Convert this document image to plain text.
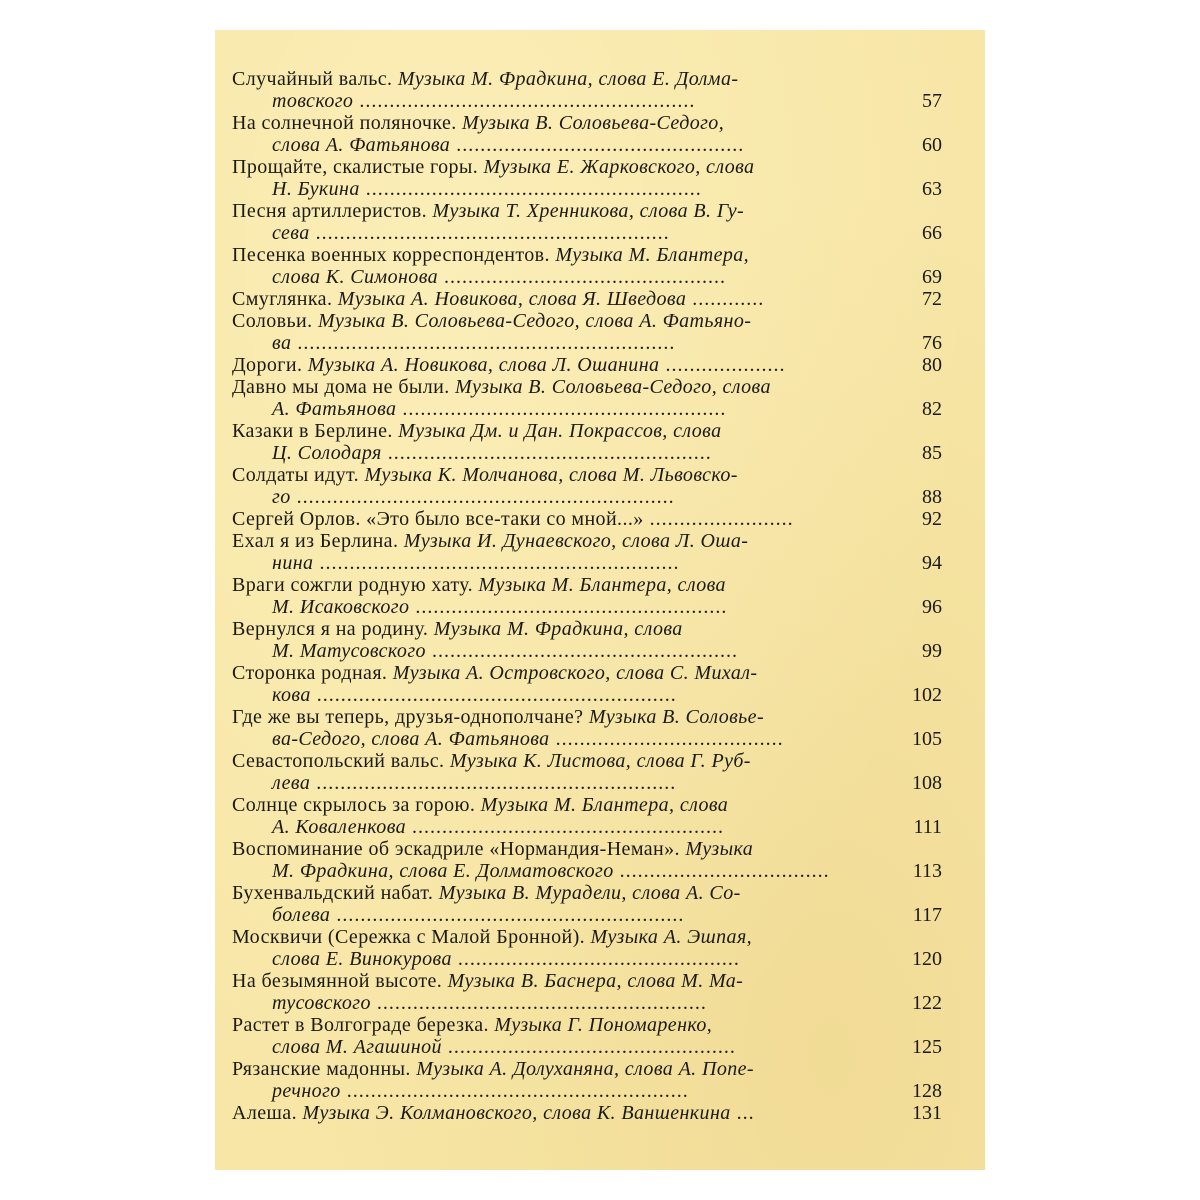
Случайный вальс. Музыка М. Фрадкина, слова Е. Долма-
товского ........................................................	57
На солнечной поляночке. Музыка В. Соловьева-Седого,
слова А. Фатьянова ................................................	60
Прощайте, скалистые горы. Музыка Е. Жарковского, слова
Н. Букина ........................................................	63
Песня артиллеристов. Музыка Т. Хренникова, слова В. Гу-
сева ...........................................................	66
Песенка военных корреспондентов. Музыка М. Блантера,
слова К. Симонова ...............................................	69
Смуглянка. Музыка А. Новикова, слова Я. Шведова ............	72
Соловьи. Музыка В. Соловьева-Седого, слова А. Фатьяно-
ва ...............................................................	76
Дороги. Музыка А. Новикова, слова Л. Ошанина ....................	80
Давно мы дома не были. Музыка В. Соловьева-Седого, слова
А. Фатьянова ......................................................	82
Казаки в Берлине. Музыка Дм. и Дан. Покрассов, слова
Ц. Солодаря ......................................................	85
Солдаты идут. Музыка К. Молчанова, слова М. Львовско-
го ...............................................................	88
Сергей Орлов. «Это было все-таки со мной...» ........................	92
Ехал я из Берлина. Музыка И. Дунаевского, слова Л. Оша-
нина ............................................................	94
Враги сожгли родную хату. Музыка М. Блантера, слова
М. Исаковского ....................................................	96
Вернулся я на родину. Музыка М. Фрадкина, слова
М. Матусовского ...................................................	99
Сторонка родная. Музыка А. Островского, слова С. Михал-
кова ............................................................	102
Где же вы теперь, друзья-однополчане? Музыка В. Соловье-
ва-Седого, слова А. Фатьянова ......................................	105
Севастопольский вальс. Музыка К. Листова, слова Г. Руб-
лева ............................................................	108
Солнце скрылось за горою. Музыка М. Блантера, слова
А. Коваленкова ....................................................	111
Воспоминание об эскадриле «Нормандия-Неман». Музыка
М. Фрадкина, слова Е. Долматовского ...................................	113
Бухенвальдский набат. Музыка В. Мурадели, слова А. Со-
болева ..........................................................	117
Москвичи (Сережка с Малой Бронной). Музыка А. Эшпая,
слова Е. Винокурова ...............................................	120
На безымянной высоте. Музыка В. Баснера, слова М. Ма-
тусовского .......................................................	122
Растет в Волгограде березка. Музыка Г. Пономаренко,
слова М. Агашиной ................................................	125
Рязанские мадонны. Музыка А. Долуханяна, слова А. Попе-
речного .........................................................	128
Алеша. Музыка Э. Колмановского, слова К. Ваншенкина ...	131
